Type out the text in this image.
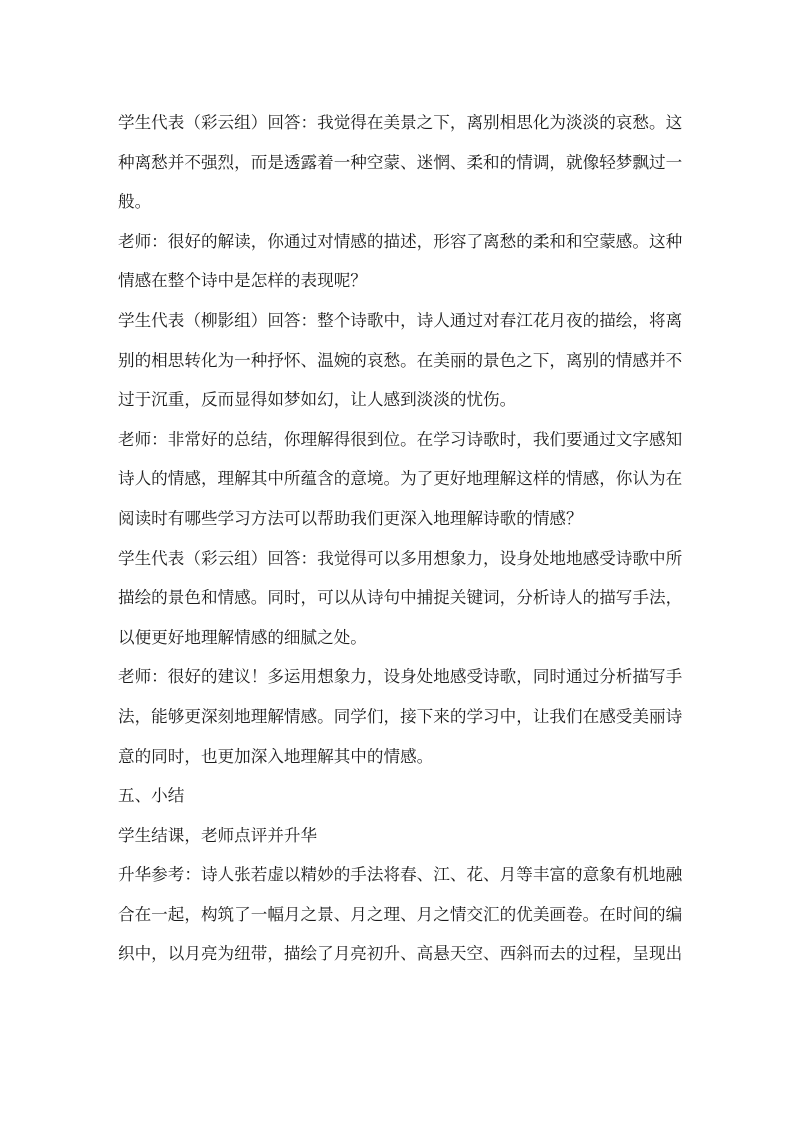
学生代表（彩云组）回答：我觉得在美景之下，离别相思化为淡淡的哀愁。这
种离愁并不强烈，而是透露着一种空蒙、迷惘、柔和的情调，就像轻梦飘过一
般。
老师：很好的解读，你通过对情感的描述，形容了离愁的柔和和空蒙感。这种
情感在整个诗中是怎样的表现呢？
学生代表（柳影组）回答：整个诗歌中，诗人通过对春江花月夜的描绘，将离
别的相思转化为一种抒怀、温婉的哀愁。在美丽的景色之下，离别的情感并不
过于沉重，反而显得如梦如幻，让人感到淡淡的忧伤。
老师：非常好的总结，你理解得很到位。在学习诗歌时，我们要通过文字感知
诗人的情感，理解其中所蕴含的意境。为了更好地理解这样的情感，你认为在
阅读时有哪些学习方法可以帮助我们更深入地理解诗歌的情感？
学生代表（彩云组）回答：我觉得可以多用想象力，设身处地地感受诗歌中所
描绘的景色和情感。同时，可以从诗句中捕捉关键词，分析诗人的描写手法，
以便更好地理解情感的细腻之处。
老师：很好的建议！多运用想象力，设身处地感受诗歌，同时通过分析描写手
法，能够更深刻地理解情感。同学们，接下来的学习中，让我们在感受美丽诗
意的同时，也更加深入地理解其中的情感。
五、小结
学生结课，老师点评并升华
升华参考：诗人张若虚以精妙的手法将春、江、花、月等丰富的意象有机地融
合在一起，构筑了一幅月之景、月之理、月之情交汇的优美画卷。在时间的编
织中，以月亮为纽带，描绘了月亮初升、高悬天空、西斜而去的过程，呈现出
